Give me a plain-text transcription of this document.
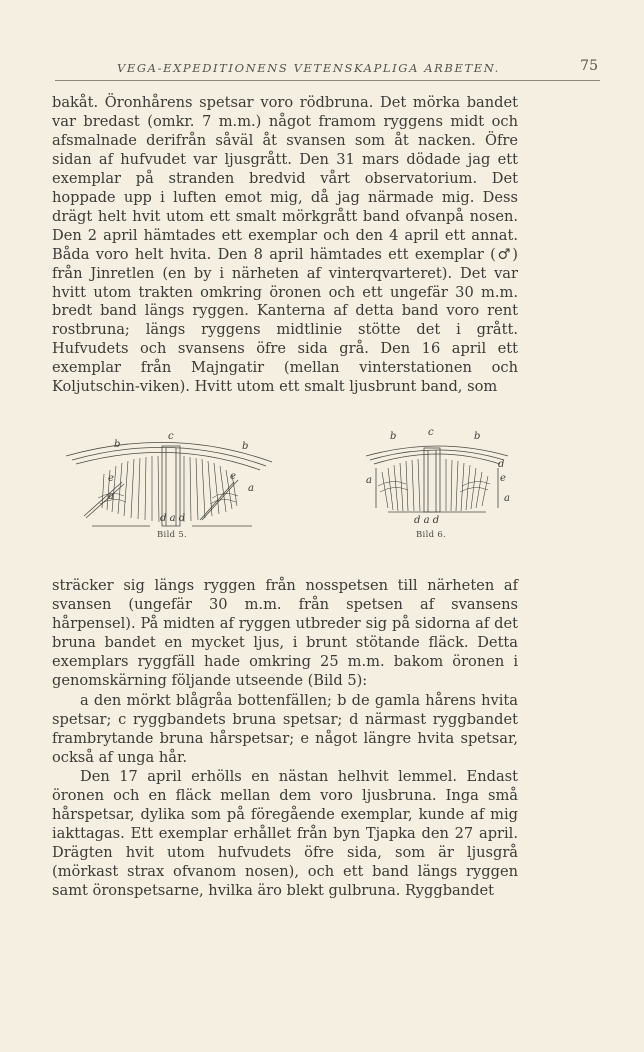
VEGA-EXPEDITIONENS VETENSKAPLIGA ARBETEN.	75

bakåt. Öronhårens spetsar voro rödbruna. Det mörka bandet var bredast (omkr. 7 m.m.) något framom ryggens midt och afsmalnade derifrån såväl åt svansen som åt nacken. Öfre sidan af hufvudet var ljusgrått. Den 31 mars dödade jag ett exemplar på stranden bredvid vårt observatorium. Det hoppade upp i luften emot mig, då jag närmade mig. Dess drägt helt hvit utom ett smalt mörkgrått band ofvanpå nosen. Den 2 april hämtades ett exemplar och den 4 april ett annat. Båda voro helt hvita. Den 8 april hämtades ett exemplar (♂) från Jinretlen (en by i närheten af vinterqvarteret). Det var hvitt utom trakten omkring öronen och ett ungefär 30 m.m. bredt band längs ryggen. Kanterna af detta band voro rent rostbruna; längs ryggens midtlinie stötte det i grått. Hufvudets och svansens öfre sida grå. Den 16 april ett exemplar från Majngatir (mellan vinterstationen och Koljutschin-viken). Hvitt utom ett smalt ljusbrunt band, som

b
c
b
e
a
e
a
d a d
Bild 5.
b	c	b
a
d
e
a
d a d
Bild 6.

sträcker sig längs ryggen från nosspetsen till närheten af svansen (ungefär 30 m.m. från spetsen af svansens hårpensel). På midten af ryggen utbreder sig på sidorna af det bruna bandet en mycket ljus, i brunt stötande fläck. Detta exemplars ryggfäll hade omkring 25 m.m. bakom öronen i genomskärning följande utseende (Bild 5):

a den mörkt blågråa bottenfällen; b de gamla hårens hvita spetsar; c ryggbandets bruna spetsar; d närmast ryggbandet frambrytande bruna hårspetsar; e något längre hvita spetsar, också af unga hår.

Den 17 april erhölls en nästan helhvit lemmel. Endast öronen och en fläck mellan dem voro ljusbruna. Inga små hårspetsar, dylika som på föregående exemplar, kunde af mig iakttagas. Ett exemplar erhållet från byn Tjapka den 27 april. Drägten hvit utom hufvudets öfre sida, som är ljusgrå (mörkast strax ofvanom nosen), och ett band längs ryggen samt öronspetsarne, hvilka äro blekt gulbruna. Ryggbandet
